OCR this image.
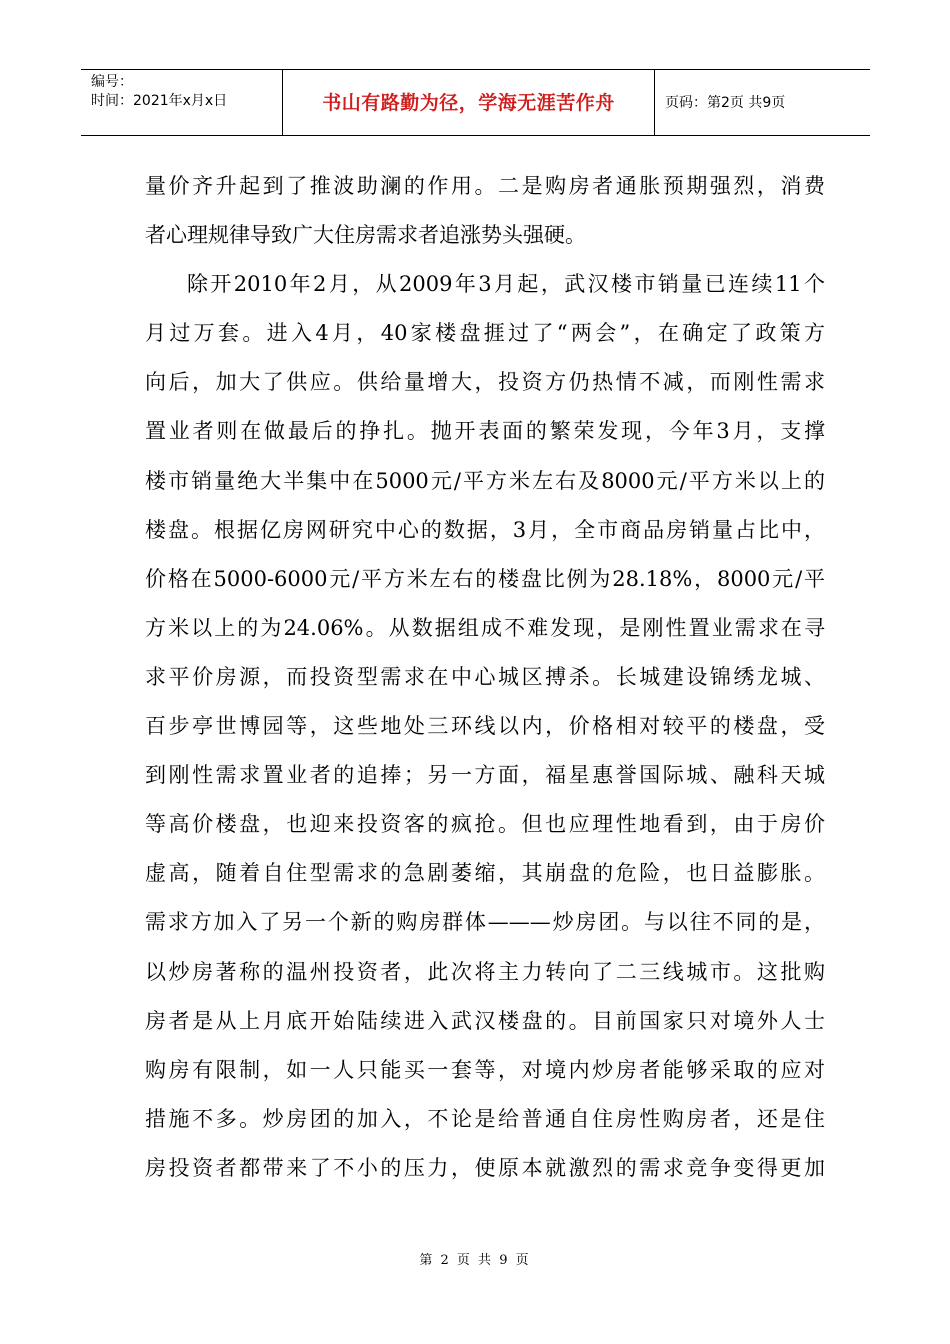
编号：
时间：2021年x月x日	书山有路勤为径，学海无涯苦作舟	页码：第2页 共9页

量价齐升起到了推波助澜的作用。二是购房者通胀预期强烈，消费

者心理规律导致广大住房需求者追涨势头强硬。

除开2010年2月，从2009年3月起，武汉楼市销量已连续11个

月过万套。进入4月，40家楼盘捱过了“两会”，在确定了政策方

向后，加大了供应。供给量增大，投资方仍热情不减，而刚性需求

置业者则在做最后的挣扎。抛开表面的繁荣发现，今年3月，支撑

楼市销量绝大半集中在5000元/平方米左右及8000元/平方米以上的

楼盘。根据亿房网研究中心的数据，3月，全市商品房销量占比中，

价格在5000-6000元/平方米左右的楼盘比例为28.18%，8000元/平

方米以上的为24.06%。从数据组成不难发现，是刚性置业需求在寻

求平价房源，而投资型需求在中心城区搏杀。长城建设锦绣龙城、

百步亭世博园等，这些地处三环线以内，价格相对较平的楼盘，受

到刚性需求置业者的追捧；另一方面，福星惠誉国际城、融科天城

等高价楼盘，也迎来投资客的疯抢。但也应理性地看到，由于房价

虚高，随着自住型需求的急剧萎缩，其崩盘的危险，也日益膨胀。

需求方加入了另一个新的购房群体———炒房团。与以往不同的是，

以炒房著称的温州投资者，此次将主力转向了二三线城市。这批购

房者是从上月底开始陆续进入武汉楼盘的。目前国家只对境外人士

购房有限制，如一人只能买一套等，对境内炒房者能够采取的应对

措施不多。炒房团的加入，不论是给普通自住房性购房者，还是住

房投资者都带来了不小的压力，使原本就激烈的需求竞争变得更加

第 2 页 共 9 页
